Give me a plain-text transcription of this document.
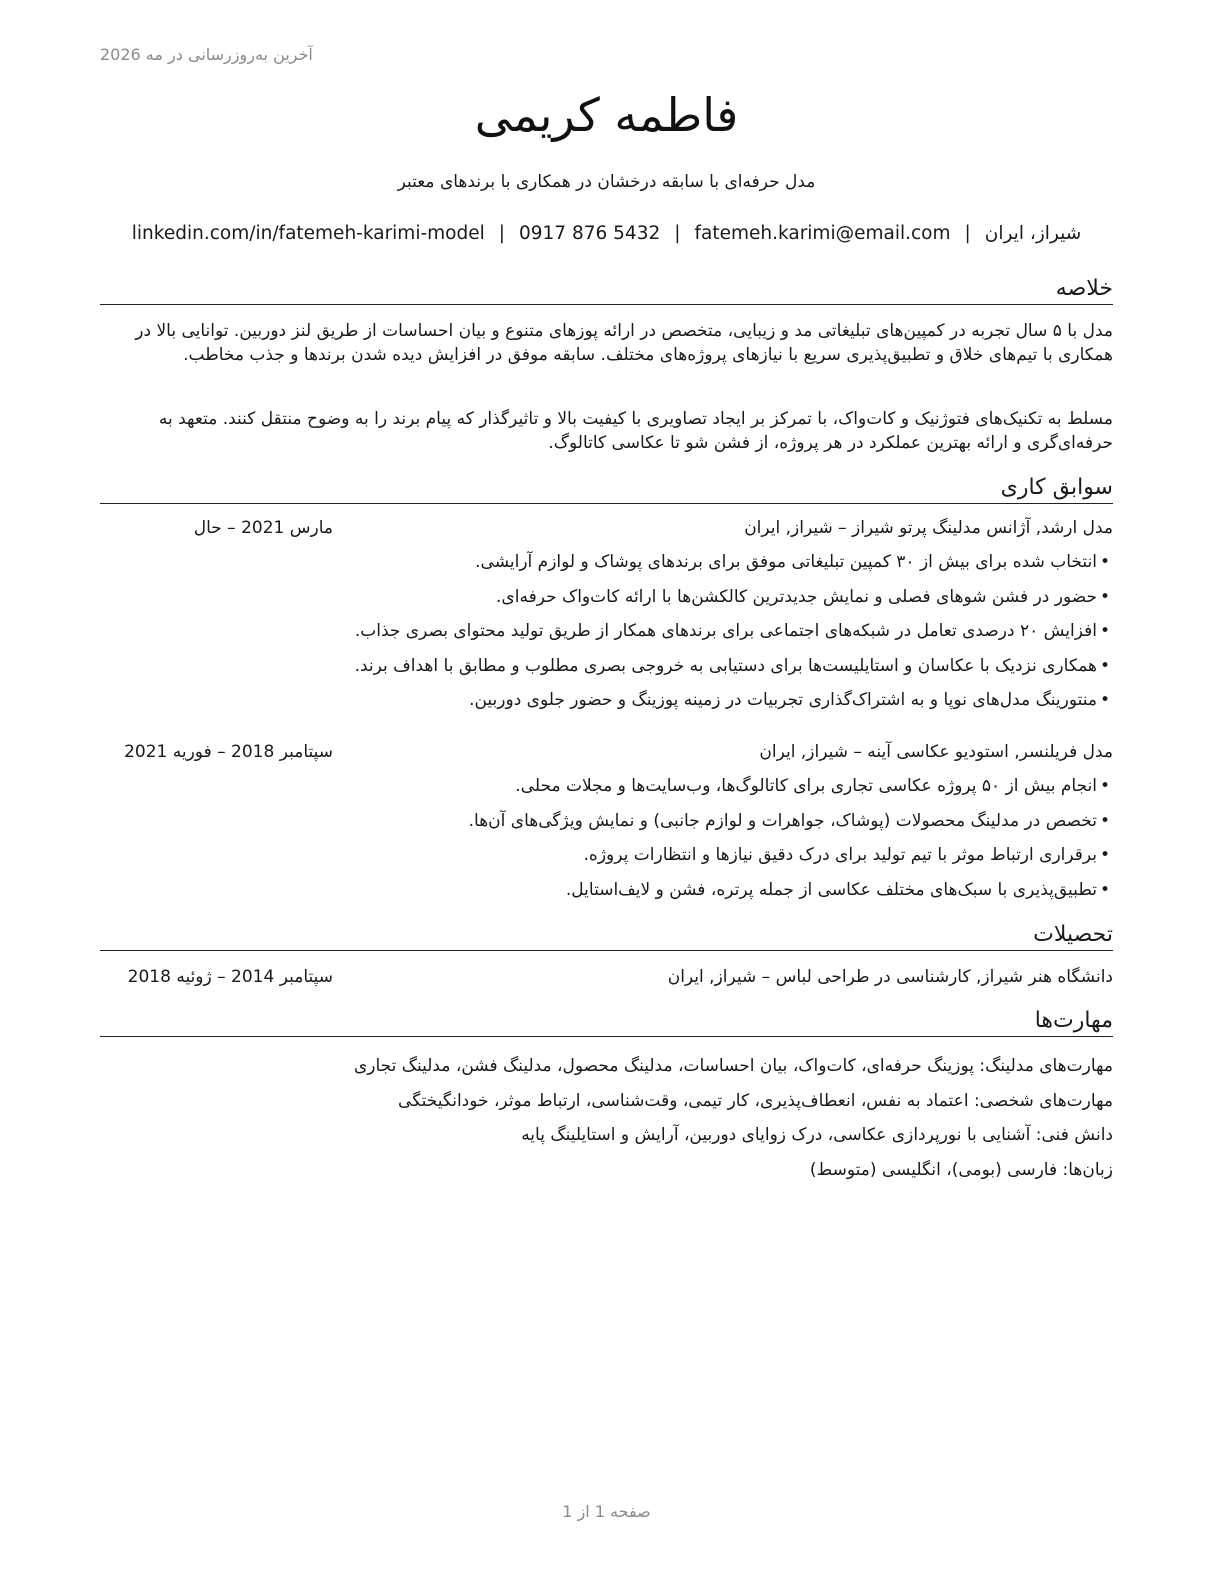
آخرین به‌روزرسانی در مه 2026
فاطمه کریمی
مدل حرفه‌ای با سابقه درخشان در همکاری با برندهای معتبر
شیراز، ایران|fatemeh.karimi@email.com|0917 876 5432|linkedin.com/in/fatemeh-karimi-model
خلاصه
مدل با ۵ سال تجربه در کمپین‌های تبلیغاتی مد و زیبایی، متخصص در ارائه پوزهای متنوع و بیان احساسات از طریق لنز دوربین. توانایی بالا در همکاری با تیم‌های خلاق و تطبیق‌پذیری سریع با نیازهای پروژه‌های مختلف. سابقه موفق در افزایش دیده شدن برندها و جذب مخاطب.
مسلط به تکنیک‌های فتوژنیک و کات‌واک، با تمرکز بر ایجاد تصاویری با کیفیت بالا و تاثیرگذار که پیام برند را به وضوح منتقل کنند. متعهد به حرفه‌ای‌گری و ارائه بهترین عملکرد در هر پروژه، از فشن شو تا عکاسی کاتالوگ.
سوابق کاری
مدل ارشد, آژانس مدلینگ پرتو شیراز – شیراز, ایران
مارس 2021 – حال
•انتخاب شده برای بیش از ۳۰ کمپین تبلیغاتی موفق برای برندهای پوشاک و لوازم آرایشی.
•حضور در فشن شوهای فصلی و نمایش جدیدترین کالکشن‌ها با ارائه کات‌واک حرفه‌ای.
•افزایش ۲۰ درصدی تعامل در شبکه‌های اجتماعی برای برندهای همکار از طریق تولید محتوای بصری جذاب.
•همکاری نزدیک با عکاسان و استایلیست‌ها برای دستیابی به خروجی بصری مطلوب و مطابق با اهداف برند.
•منتورینگ مدل‌های نوپا و به اشتراک‌گذاری تجربیات در زمینه پوزینگ و حضور جلوی دوربین.
مدل فریلنسر, استودیو عکاسی آینه – شیراز, ایران
سپتامبر 2018 – فوریه 2021
•انجام بیش از ۵۰ پروژه عکاسی تجاری برای کاتالوگ‌ها، وب‌سایت‌ها و مجلات محلی.
•تخصص در مدلینگ محصولات (پوشاک، جواهرات و لوازم جانبی) و نمایش ویژگی‌های آن‌ها.
•برقراری ارتباط موثر با تیم تولید برای درک دقیق نیازها و انتظارات پروژه.
•تطبیق‌پذیری با سبک‌های مختلف عکاسی از جمله پرتره، فشن و لایف‌استایل.
تحصیلات
دانشگاه هنر شیراز, کارشناسی در طراحی لباس – شیراز, ایران
سپتامبر 2014 – ژوئیه 2018
مهارت‌ها
مهارت‌های مدلینگ: پوزینگ حرفه‌ای، کات‌واک، بیان احساسات، مدلینگ محصول، مدلینگ فشن، مدلینگ تجاری
مهارت‌های شخصی: اعتماد به نفس، انعطاف‌پذیری، کار تیمی، وقت‌شناسی، ارتباط موثر، خودانگیختگی
دانش فنی: آشنایی با نورپردازی عکاسی، درک زوایای دوربین، آرایش و استایلینگ پایه
زبان‌ها: فارسی (بومی)، انگلیسی (متوسط)
صفحه 1 از 1
